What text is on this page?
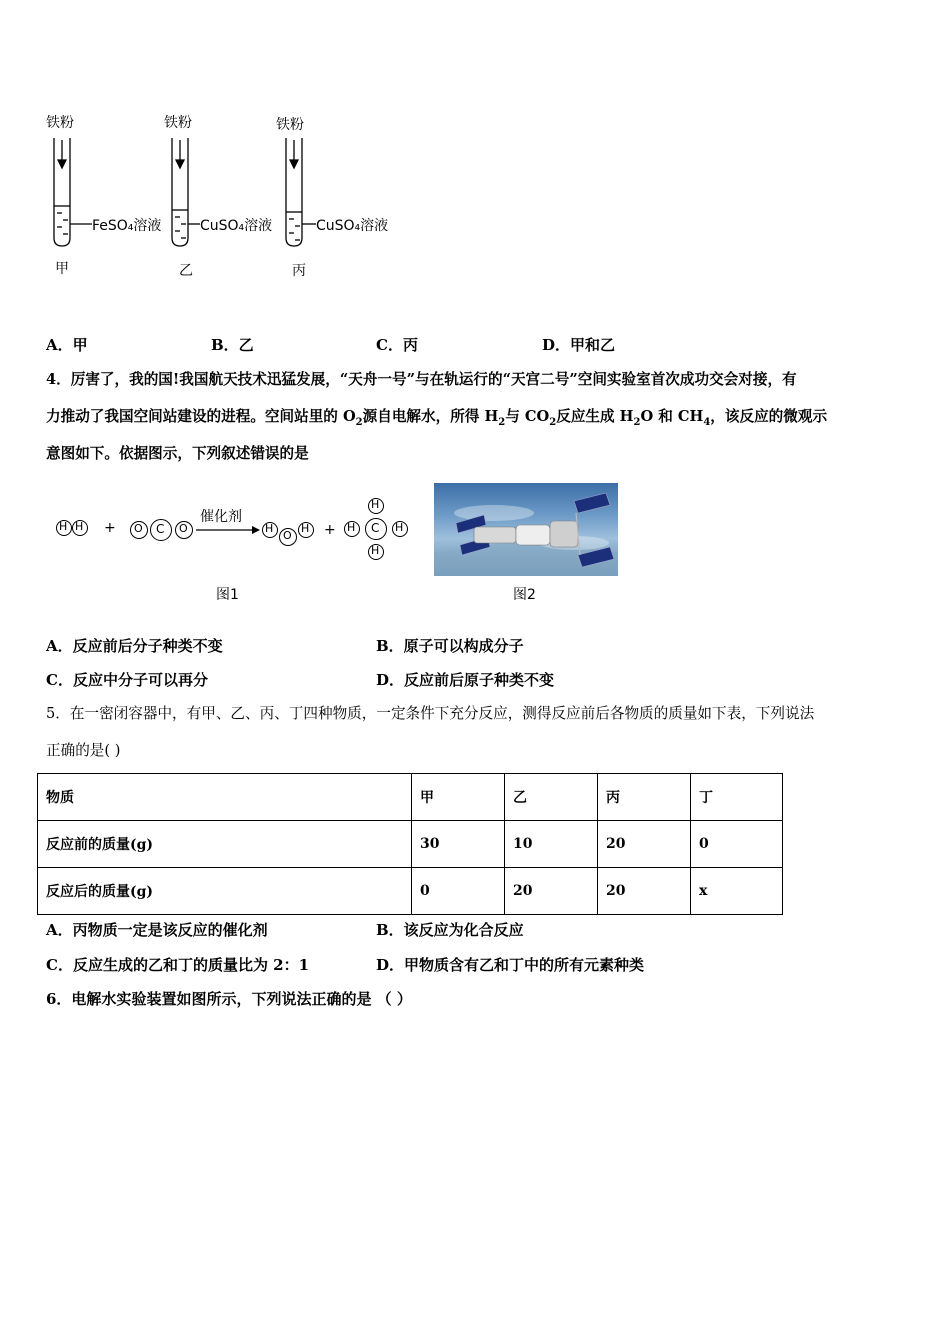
铁粉	铁粉	铁粉
FeSO₄溶液	CuSO₄溶液	CuSO₄溶液
甲	乙	丙
A．甲	B．乙	C．丙	D．甲和乙
4．厉害了，我的国!我国航天技术迅猛发展，“天舟一号”与在轨运行的“天宫二号”空间实验室首次成功交会对接，有
力推动了我国空间站建设的进程。空间站里的 $O_2$源自电解水，所得 $H_2$与 $CO_2$反应生成 $H_2O$ 和 $CH_4$，该反应的微观示
意图如下。依据图示，下列叙述错误的是
H H + O C O
催化剂
H
O
H +
H
H C H
H
图1	图2
A．反应前后分子种类不变	B．原子可以构成分子
C．反应中分子可以再分	D．反应前后原子种类不变
5．在一密闭容器中，有甲、乙、丙、丁四种物质，一定条件下充分反应，测得反应前后各物质的质量如下表，下列说法
正确的是( )
物质	甲	乙	丙	丁
反应前的质量(g)	30	10	20	0
反应后的质量(g)	0	20	20	x
A．丙物质一定是该反应的催化剂	B．该反应为化合反应
C．反应生成的乙和丁的质量比为 2：1	D．甲物质含有乙和丁中的所有元素种类
6．电解水实验装置如图所示，下列说法正确的是 （ ）
